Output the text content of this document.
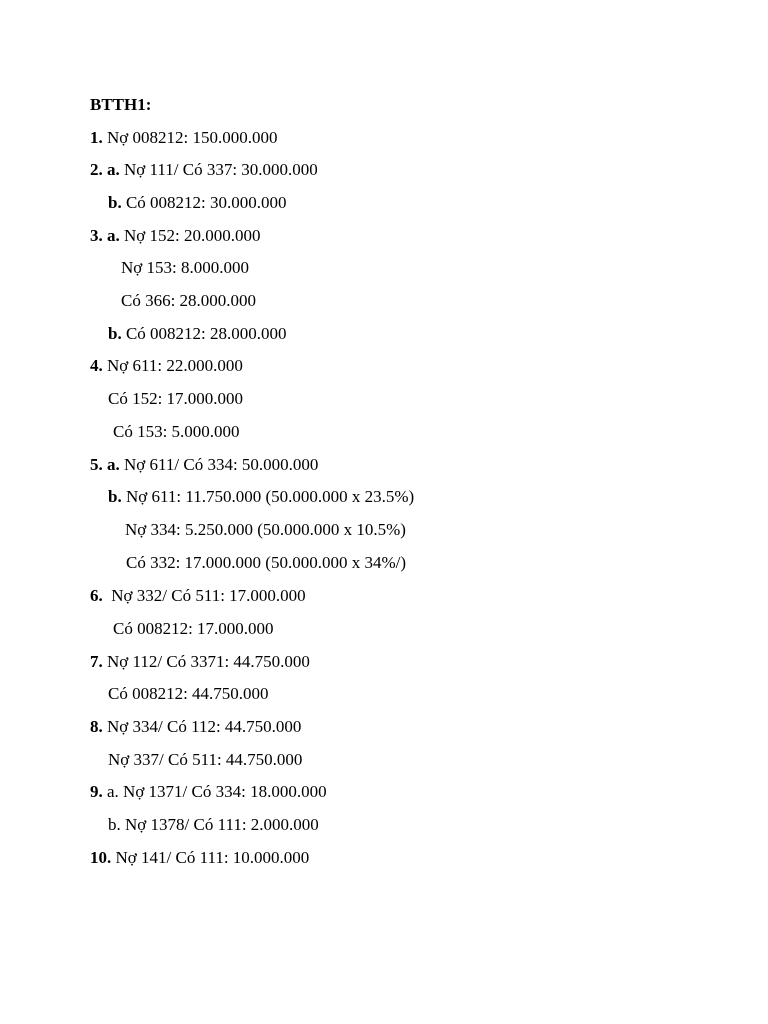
BTTH1:
1. Nợ 008212: 150.000.000
2. a. Nợ 111/ Có 337: 30.000.000
b. Có 008212: 30.000.000
3. a. Nợ 152: 20.000.000
Nợ 153: 8.000.000
Có 366: 28.000.000
b. Có 008212: 28.000.000
4. Nợ 611: 22.000.000
Có 152: 17.000.000
Có 153: 5.000.000
5. a. Nợ 611/ Có 334: 50.000.000
b. Nợ 611: 11.750.000 (50.000.000 x 23.5%)
Nợ 334: 5.250.000 (50.000.000 x 10.5%)
Có 332: 17.000.000 (50.000.000 x 34%/)
6.  Nợ 332/ Có 511: 17.000.000
Có 008212: 17.000.000
7. Nợ 112/ Có 3371: 44.750.000
Có 008212: 44.750.000
8. Nợ 334/ Có 112: 44.750.000
Nợ 337/ Có 511: 44.750.000
9. a. Nợ 1371/ Có 334: 18.000.000
b. Nợ 1378/ Có 111: 2.000.000
10. Nợ 141/ Có 111: 10.000.000
